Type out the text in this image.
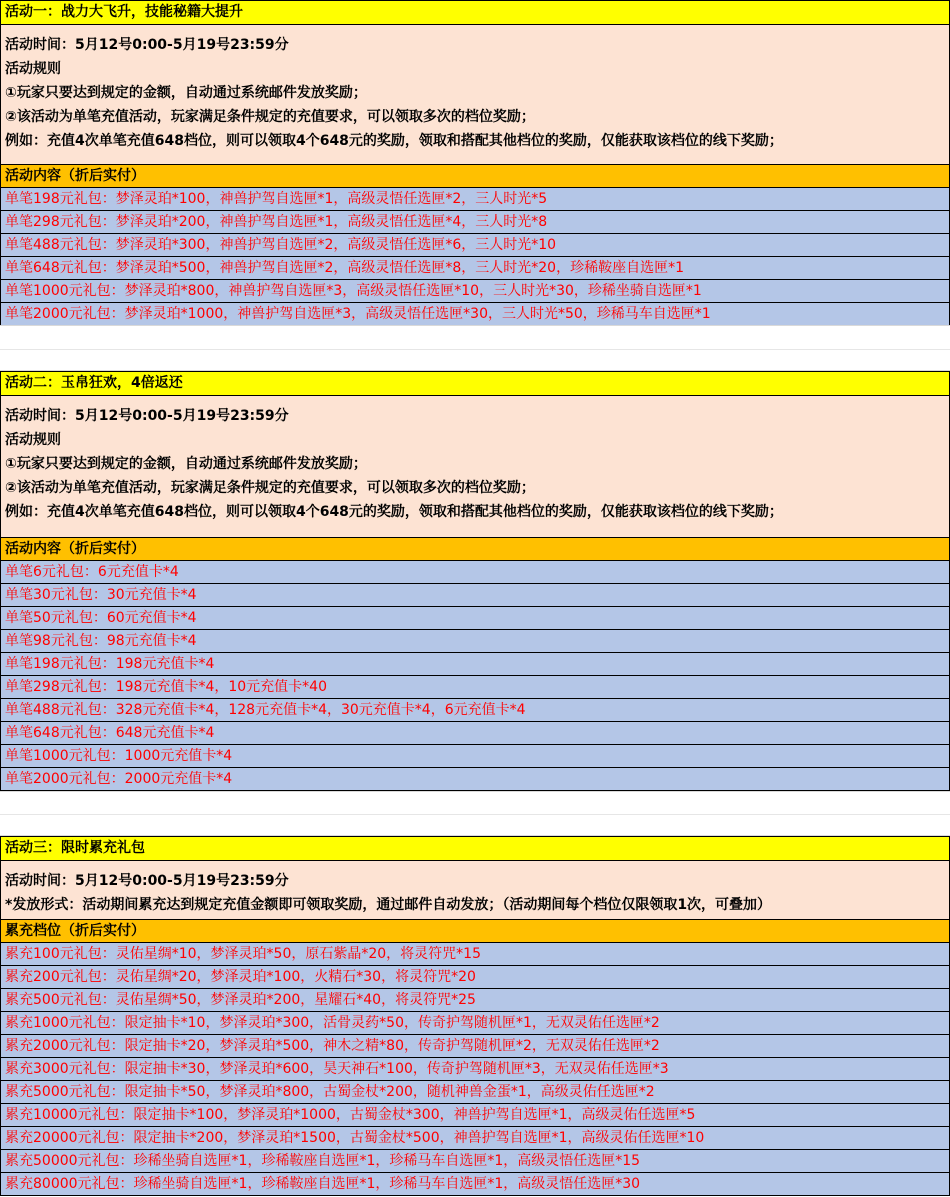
活动一：战力大飞升，技能秘籍大提升
活动时间：5月12号0:00-5月19号23:59分
活动规则
①玩家只要达到规定的金额，自动通过系统邮件发放奖励；
②该活动为单笔充值活动，玩家满足条件规定的充值要求，可以领取多次的档位奖励；
例如：充值4次单笔充值648档位，则可以领取4个648元的奖励，领取和搭配其他档位的奖励，仅能获取该档位的线下奖励；
活动内容（折后实付）
单笔198元礼包：梦泽灵珀*100，神兽护驾自选匣*1，高级灵悟任选匣*2，三人时光*5
单笔298元礼包：梦泽灵珀*200，神兽护驾自选匣*1，高级灵悟任选匣*4，三人时光*8
单笔488元礼包：梦泽灵珀*300，神兽护驾自选匣*2，高级灵悟任选匣*6，三人时光*10
单笔648元礼包：梦泽灵珀*500，神兽护驾自选匣*2，高级灵悟任选匣*8，三人时光*20，珍稀鞍座自选匣*1
单笔1000元礼包：梦泽灵珀*800，神兽护驾自选匣*3，高级灵悟任选匣*10，三人时光*30，珍稀坐骑自选匣*1
单笔2000元礼包：梦泽灵珀*1000，神兽护驾自选匣*3，高级灵悟任选匣*30，三人时光*50，珍稀马车自选匣*1
活动二：玉帛狂欢，4倍返还
活动时间：5月12号0:00-5月19号23:59分
活动规则
①玩家只要达到规定的金额，自动通过系统邮件发放奖励；
②该活动为单笔充值活动，玩家满足条件规定的充值要求，可以领取多次的档位奖励；
例如：充值4次单笔充值648档位，则可以领取4个648元的奖励，领取和搭配其他档位的奖励，仅能获取该档位的线下奖励；
活动内容（折后实付）
单笔6元礼包：6元充值卡*4
单笔30元礼包：30元充值卡*4
单笔50元礼包：60元充值卡*4
单笔98元礼包：98元充值卡*4
单笔198元礼包：198元充值卡*4
单笔298元礼包：198元充值卡*4，10元充值卡*40
单笔488元礼包：328元充值卡*4，128元充值卡*4，30元充值卡*4，6元充值卡*4
单笔648元礼包：648元充值卡*4
单笔1000元礼包：1000元充值卡*4
单笔2000元礼包：2000元充值卡*4
活动三：限时累充礼包
活动时间：5月12号0:00-5月19号23:59分
*发放形式：活动期间累充达到规定充值金额即可领取奖励，通过邮件自动发放；（活动期间每个档位仅限领取1次，可叠加）
累充档位（折后实付）
累充100元礼包：灵佑星绸*10，梦泽灵珀*50，原石紫晶*20，将灵符咒*15
累充200元礼包：灵佑星绸*20，梦泽灵珀*100，火精石*30，将灵符咒*20
累充500元礼包：灵佑星绸*50，梦泽灵珀*200，星耀石*40，将灵符咒*25
累充1000元礼包：限定抽卡*10，梦泽灵珀*300，活骨灵药*50，传奇护驾随机匣*1，无双灵佑任选匣*2
累充2000元礼包：限定抽卡*20，梦泽灵珀*500，神木之精*80，传奇护驾随机匣*2，无双灵佑任选匣*2
累充3000元礼包：限定抽卡*30，梦泽灵珀*600，昊天神石*100，传奇护驾随机匣*3，无双灵佑任选匣*3
累充5000元礼包：限定抽卡*50，梦泽灵珀*800，古蜀金杖*200，随机神兽金蛋*1，高级灵佑任选匣*2
累充10000元礼包：限定抽卡*100，梦泽灵珀*1000，古蜀金杖*300，神兽护驾自选匣*1，高级灵佑任选匣*5
累充20000元礼包：限定抽卡*200，梦泽灵珀*1500，古蜀金杖*500，神兽护驾自选匣*1，高级灵佑任选匣*10
累充50000元礼包：珍稀坐骑自选匣*1，珍稀鞍座自选匣*1，珍稀马车自选匣*1，高级灵悟任选匣*15
累充80000元礼包：珍稀坐骑自选匣*1，珍稀鞍座自选匣*1，珍稀马车自选匣*1，高级灵悟任选匣*30
